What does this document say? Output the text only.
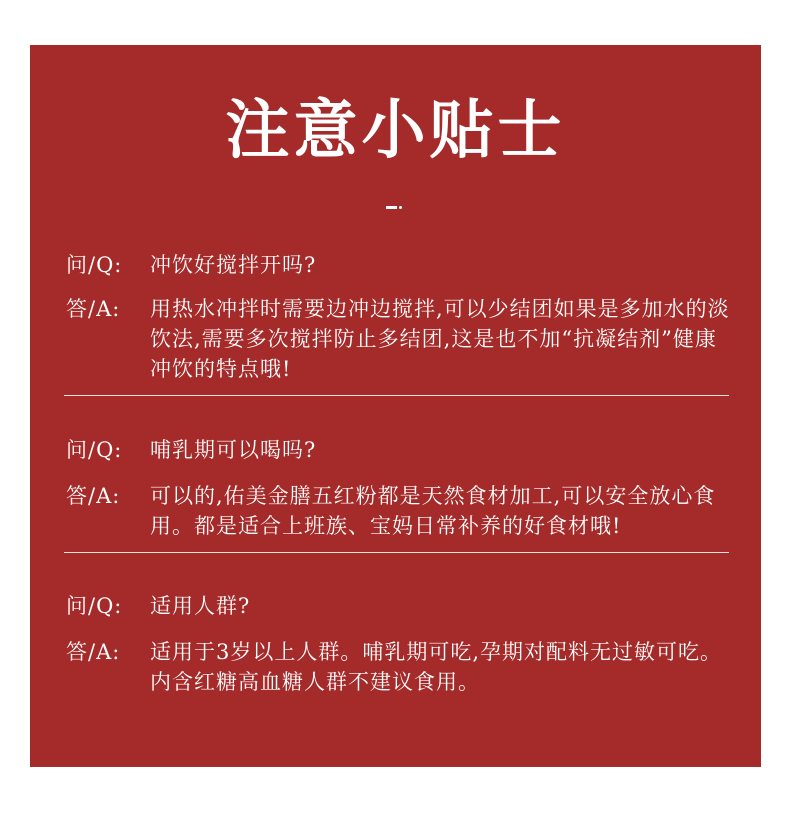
注意小贴士
问/Q:	冲饮好搅拌开吗?
答/A:	用热水冲拌时需要边冲边搅拌,可以少结团如果是多加水的淡饮法,需要多次搅拌防止多结团,这是也不加“抗凝结剂”健康冲饮的特点哦!
问/Q:	哺乳期可以喝吗?
答/A:	可以的,佑美金膳五红粉都是天然食材加工,可以安全放心食用。都是适合上班族、宝妈日常补养的好食材哦!
问/Q:	适用人群?
答/A:	适用于3岁以上人群。哺乳期可吃,孕期对配料无过敏可吃。内含红糖高血糖人群不建议食用。
